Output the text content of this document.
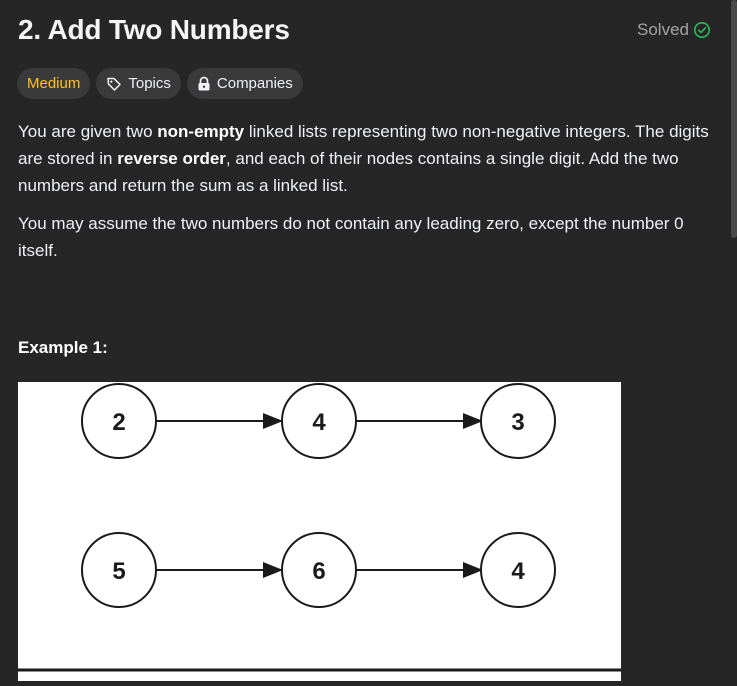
2. Add Two Numbers	Solved
Medium	Topics	Companies

You are given two non-empty linked lists representing two non-negative integers. The digits are stored in reverse order, and each of their nodes contains a single digit. Add the two numbers and return the sum as a linked list.

You may assume the two numbers do not contain any leading zero, except the number 0 itself.

Example 1:
2	4	3
5	6	4
